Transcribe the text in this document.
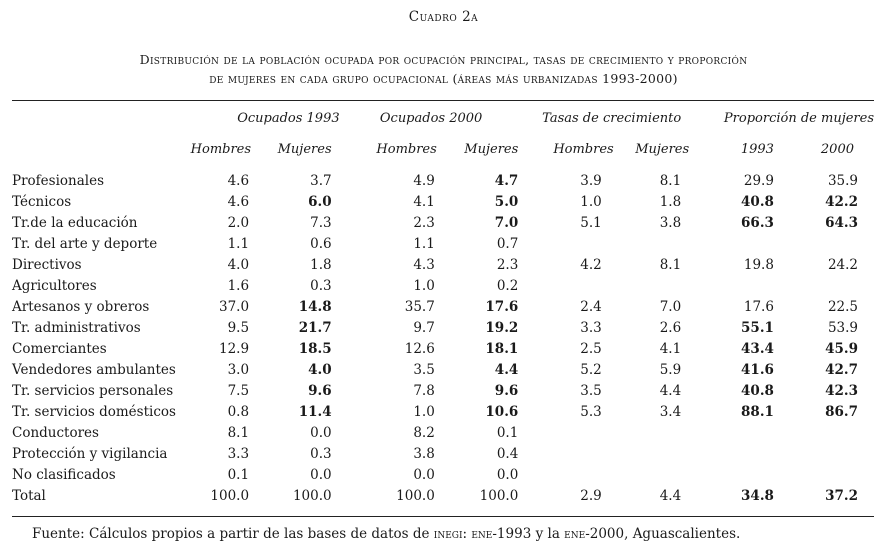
Cuadro 2a
Distribución de la población ocupada por ocupación principal, tasas de crecimiento y proporción
de mujeres en cada grupo ocupacional (áreas más urbanizadas 1993-2000)
	Ocupados 1993		Ocupados 2000		Tasas de crecimiento		Proporción de mujeres	
	Hombres	Mujeres	Hombres	Mujeres	Hombres	Mujeres	1993	2000
Profesionales	4.6	3.7	4.9	4.7	3.9	8.1	29.9	35.9
Técnicos	4.6	6.0	4.1	5.0	1.0	1.8	40.8	42.2
Tr.de la educación	2.0	7.3	2.3	7.0	5.1	3.8	66.3	64.3
Tr. del arte y deporte	1.1	0.6	1.1	0.7				
Directivos	4.0	1.8	4.3	2.3	4.2	8.1	19.8	24.2
Agricultores	1.6	0.3	1.0	0.2				
Artesanos y obreros	37.0	14.8	35.7	17.6	2.4	7.0	17.6	22.5
Tr. administrativos	9.5	21.7	9.7	19.2	3.3	2.6	55.1	53.9
Comerciantes	12.9	18.5	12.6	18.1	2.5	4.1	43.4	45.9
Vendedores ambulantes	3.0	4.0	3.5	4.4	5.2	5.9	41.6	42.7
Tr. servicios personales	7.5	9.6	7.8	9.6	3.5	4.4	40.8	42.3
Tr. servicios domésticos	0.8	11.4	1.0	10.6	5.3	3.4	88.1	86.7
Conductores	8.1	0.0	8.2	0.1				
Protección y vigilancia	3.3	0.3	3.8	0.4				
No clasificados	0.1	0.0	0.0	0.0				
Total	100.0	100.0	100.0	100.0	2.9	4.4	34.8	37.2
Fuente: Cálculos propios a partir de las bases de datos de inegi: ene-1993 y la ene-2000, Aguascalientes.
